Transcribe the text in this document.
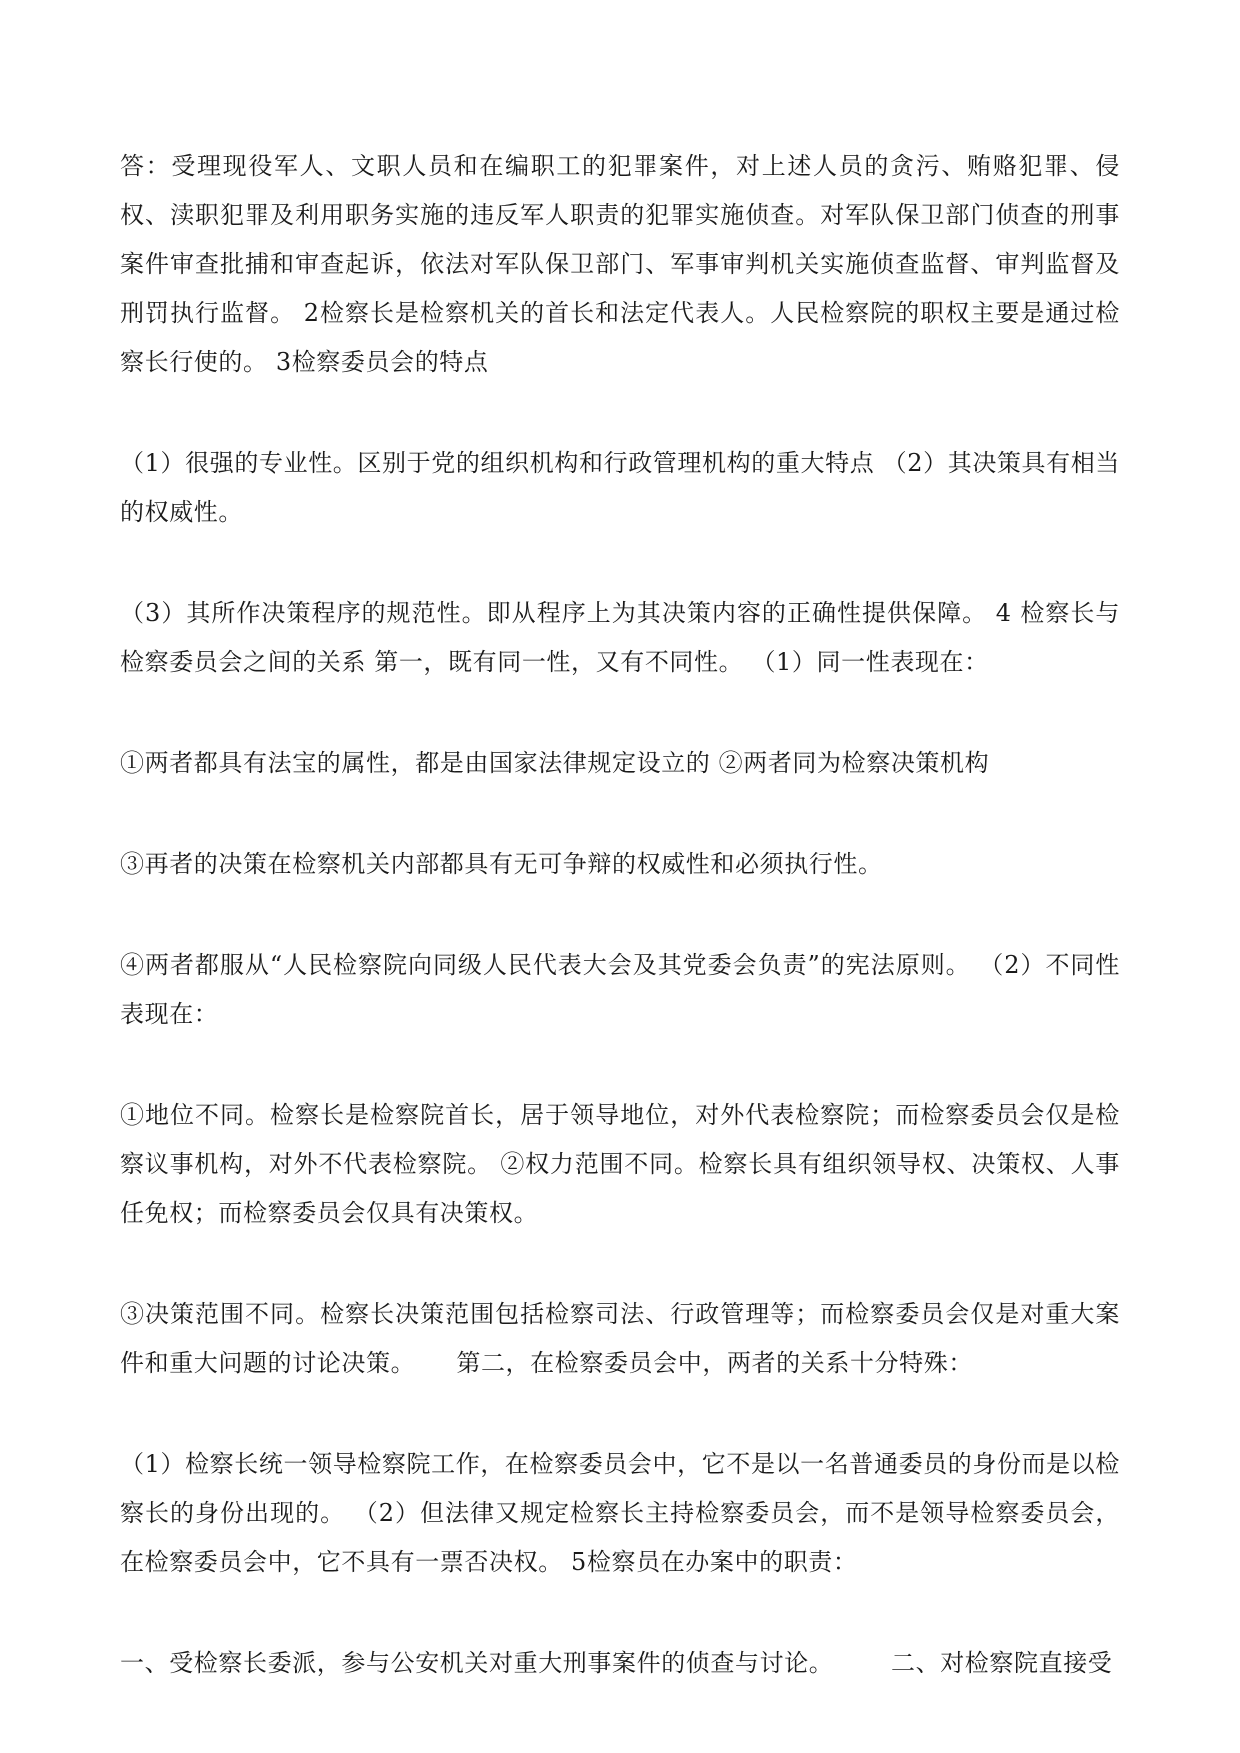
答：受理现役军人、文职人员和在编职工的犯罪案件，对上述人员的贪污、贿赂犯罪、侵权、渎职犯罪及利用职务实施的违反军人职责的犯罪实施侦查。对军队保卫部门侦查的刑事案件审查批捕和审查起诉，依法对军队保卫部门、军事审判机关实施侦查监督、审判监督及刑罚执行监督。 2检察长是检察机关的首长和法定代表人。人民检察院的职权主要是通过检察长行使的。 3检察委员会的特点

（1）很强的专业性。区别于党的组织机构和行政管理机构的重大特点 （2）其决策具有相当的权威性。

（3）其所作决策程序的规范性。即从程序上为其决策内容的正确性提供保障。 4 检察长与检察委员会之间的关系 第一，既有同一性，又有不同性。 （1）同一性表现在：

①两者都具有法宝的属性，都是由国家法律规定设立的 ②两者同为检察决策机构

③再者的决策在检察机关内部都具有无可争辩的权威性和必须执行性。

④两者都服从“人民检察院向同级人民代表大会及其党委会负责”的宪法原则。 （2）不同性表现在：

①地位不同。检察长是检察院首长，居于领导地位，对外代表检察院；而检察委员会仅是检察议事机构，对外不代表检察院。 ②权力范围不同。检察长具有组织领导权、决策权、人事任免权；而检察委员会仅具有决策权。

③决策范围不同。检察长决策范围包括检察司法、行政管理等；而检察委员会仅是对重大案件和重大问题的讨论决策。     第二，在检察委员会中，两者的关系十分特殊：

（1）检察长统一领导检察院工作，在检察委员会中，它不是以一名普通委员的身份而是以检察长的身份出现的。 （2）但法律又规定检察长主持检察委员会，而不是领导检察委员会，在检察委员会中，它不具有一票否决权。 5检察员在办案中的职责：

一、受检察长委派，参与公安机关对重大刑事案件的侦查与讨论。       二、对检察院直接受
